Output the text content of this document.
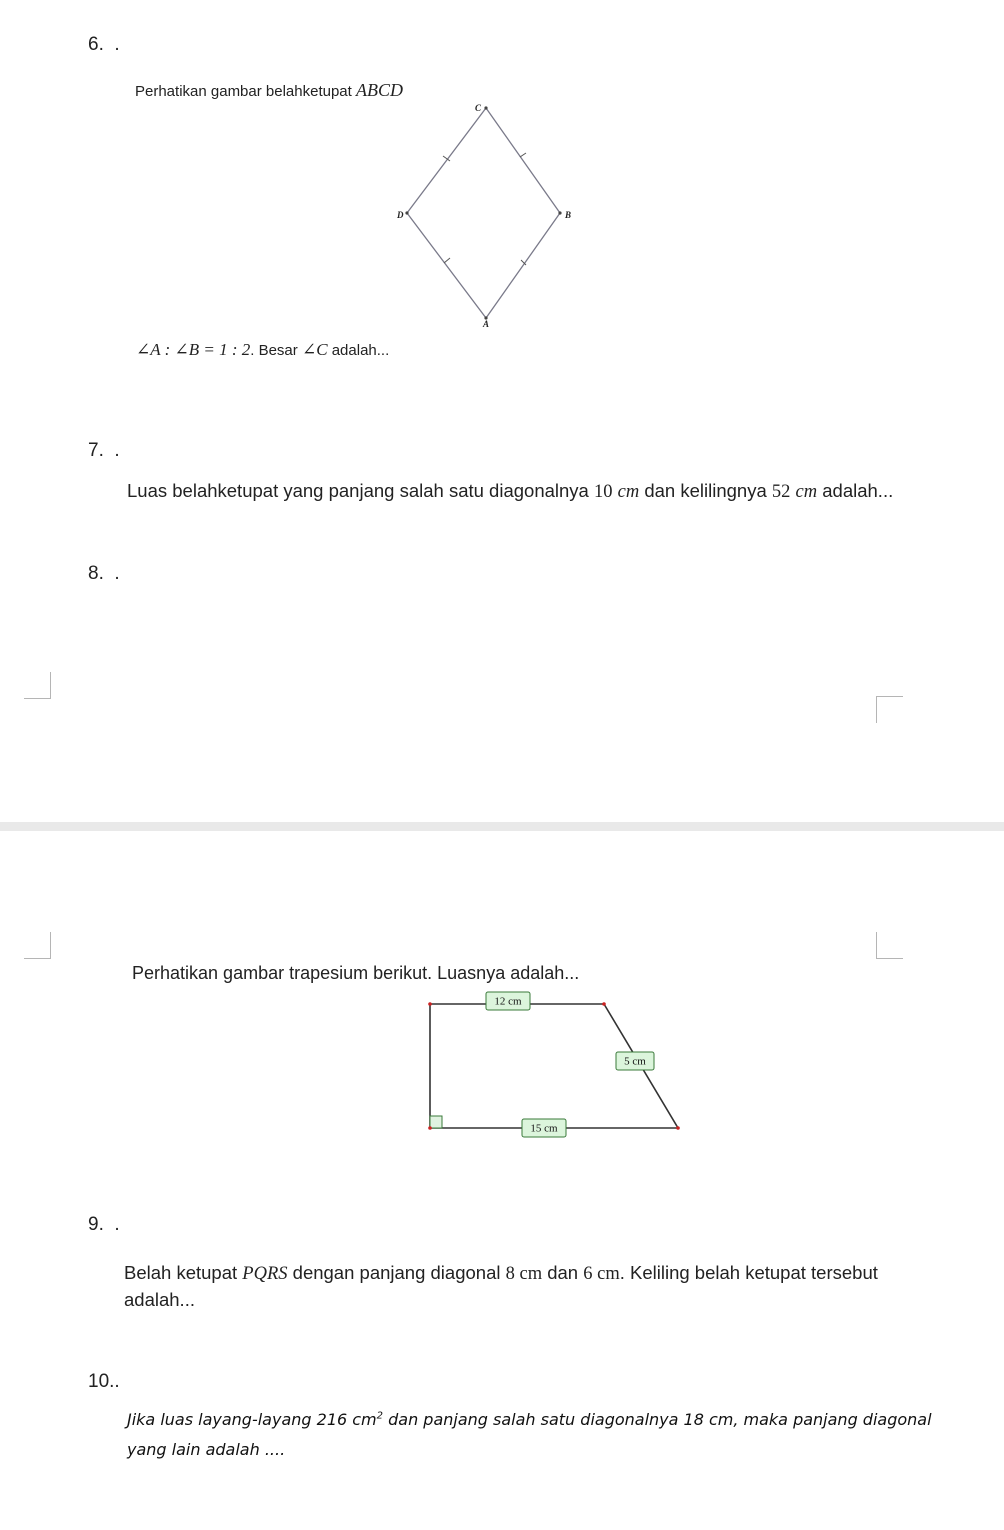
6. .
Perhatikan gambar belahketupat ABCD
C
B
A
D
∠A : ∠B = 1 : 2. Besar ∠C adalah...
7. .
Luas belahketupat yang panjang salah satu diagonalnya 10 cm dan kelilingnya 52 cm adalah...
8. .
Perhatikan gambar trapesium berikut. Luasnya adalah...
12 cm
5 cm
15 cm
9. .
Belah ketupat PQRS dengan panjang diagonal 8 cm dan 6 cm. Keliling belah ketupat tersebut
adalah...
10..
Jika luas layang-layang 216 $cm^2$ dan panjang salah satu diagonalnya 18 cm, maka panjang diagonal
yang lain adalah ....
